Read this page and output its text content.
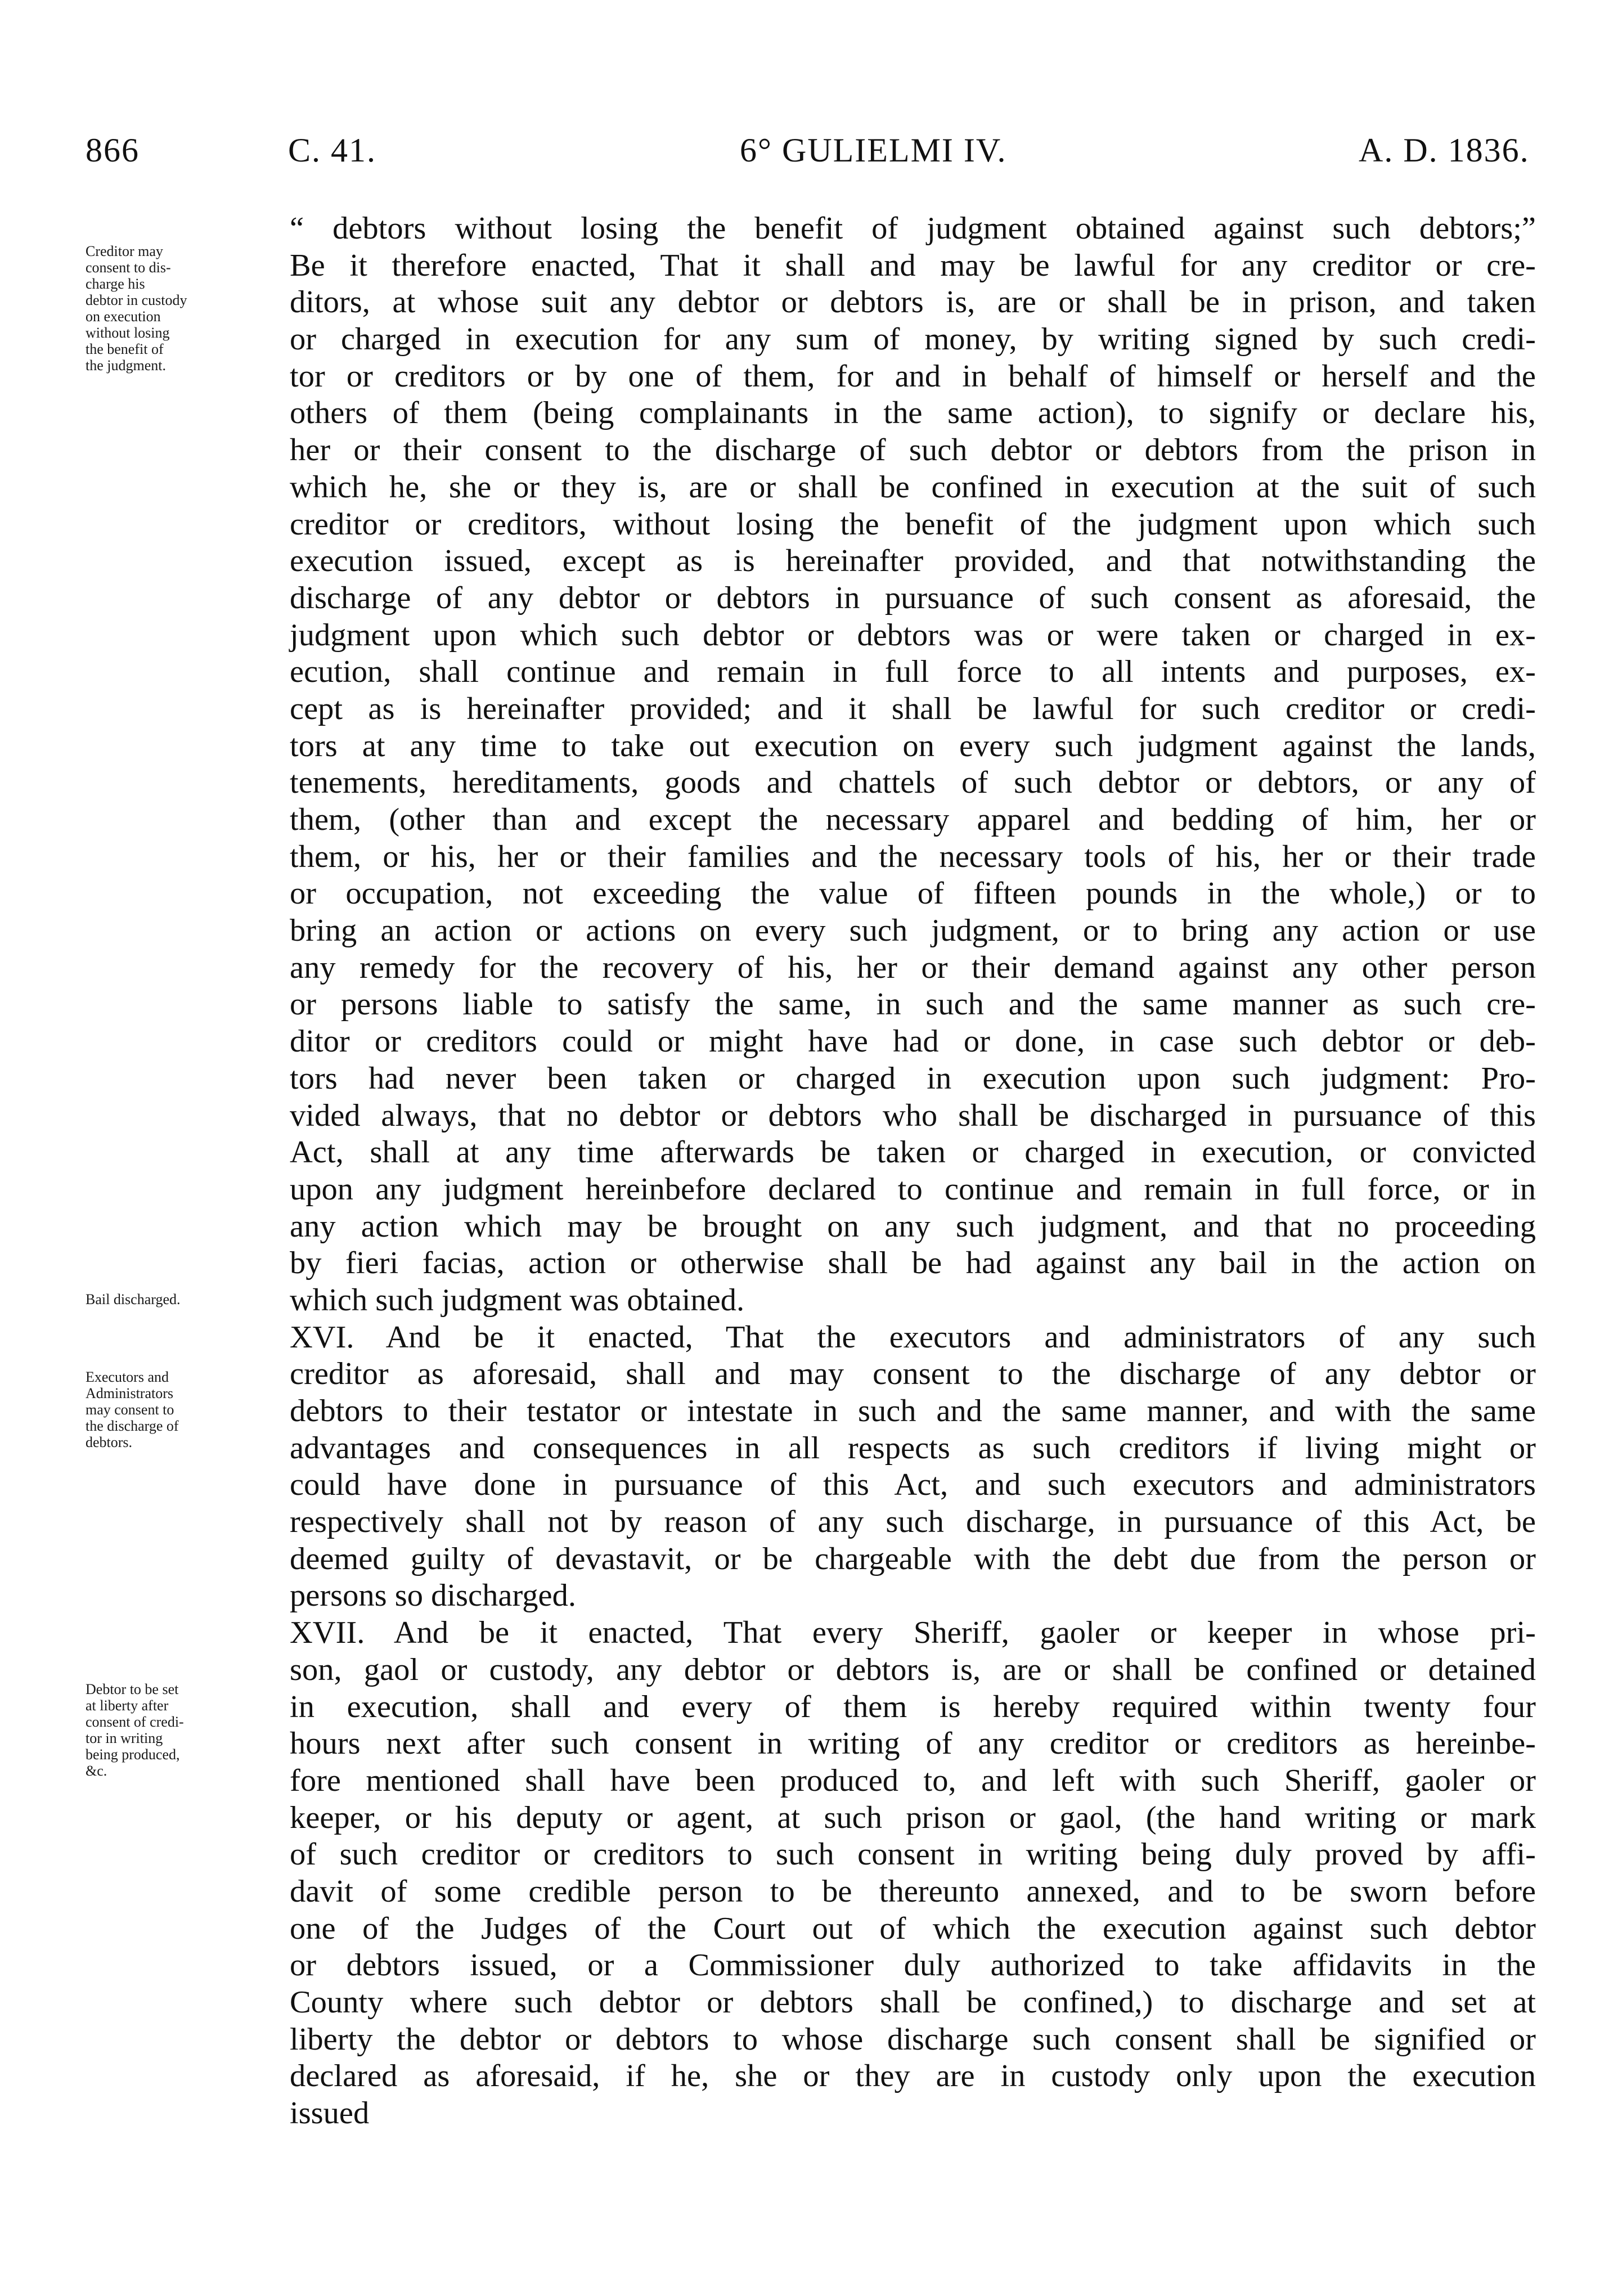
866	C. 41.	6° GULIELMI IV.	A. D. 1836.
Creditor may
consent to dis-
charge his
debtor in custody
on execution
without losing
the benefit of
the judgment.
Bail discharged.
Executors and
Administrators
may consent to
the discharge of
debtors.
Debtor to be set
at liberty after
consent of credi-
tor in writing
being produced,
&c.
“ debtors without losing the benefit of judgment obtained against such debtors;”
Be it therefore enacted, That it shall and may be lawful for any creditor or cre-
ditors, at whose suit any debtor or debtors is, are or shall be in prison, and taken
or charged in execution for any sum of money, by writing signed by such credi-
tor or creditors or by one of them, for and in behalf of himself or herself and the
others of them (being complainants in the same action), to signify or declare his,
her or their consent to the discharge of such debtor or debtors from the prison in
which he, she or they is, are or shall be confined in execution at the suit of such
creditor or creditors, without losing the benefit of the judgment upon which such
execution issued, except as is hereinafter provided, and that notwithstanding the
discharge of any debtor or debtors in pursuance of such consent as aforesaid, the
judgment upon which such debtor or debtors was or were taken or charged in ex-
ecution, shall continue and remain in full force to all intents and purposes, ex-
cept as is hereinafter provided; and it shall be lawful for such creditor or credi-
tors at any time to take out execution on every such judgment against the lands,
tenements, hereditaments, goods and chattels of such debtor or debtors, or any of
them, (other than and except the necessary apparel and bedding of him, her or
them, or his, her or their families and the necessary tools of his, her or their trade
or occupation, not exceeding the value of fifteen pounds in the whole,) or to
bring an action or actions on every such judgment, or to bring any action or use
any remedy for the recovery of his, her or their demand against any other person
or persons liable to satisfy the same, in such and the same manner as such cre-
ditor or creditors could or might have had or done, in case such debtor or deb-
tors had never been taken or charged in execution upon such judgment: Pro-
vided always, that no debtor or debtors who shall be discharged in pursuance of this
Act, shall at any time afterwards be taken or charged in execution, or convicted
upon any judgment hereinbefore declared to continue and remain in full force, or in
any action which may be brought on any such judgment, and that no proceeding
by fieri facias, action or otherwise shall be had against any bail in the action on
which such judgment was obtained.
XVI. And be it enacted, That the executors and administrators of any such
creditor as aforesaid, shall and may consent to the discharge of any debtor or
debtors to their testator or intestate in such and the same manner, and with the same
advantages and consequences in all respects as such creditors if living might or
could have done in pursuance of this Act, and such executors and administrators
respectively shall not by reason of any such discharge, in pursuance of this Act, be
deemed guilty of devastavit, or be chargeable with the debt due from the person or
persons so discharged.
XVII. And be it enacted, That every Sheriff, gaoler or keeper in whose pri-
son, gaol or custody, any debtor or debtors is, are or shall be confined or detained
in execution, shall and every of them is hereby required within twenty four
hours next after such consent in writing of any creditor or creditors as hereinbe-
fore mentioned shall have been produced to, and left with such Sheriff, gaoler or
keeper, or his deputy or agent, at such prison or gaol, (the hand writing or mark
of such creditor or creditors to such consent in writing being duly proved by affi-
davit of some credible person to be thereunto annexed, and to be sworn before
one of the Judges of the Court out of which the execution against such debtor
or debtors issued, or a Commissioner duly authorized to take affidavits in the
County where such debtor or debtors shall be confined,) to discharge and set at
liberty the debtor or debtors to whose discharge such consent shall be signified or
declared as aforesaid, if he, she or they are in custody only upon the execution
issued
